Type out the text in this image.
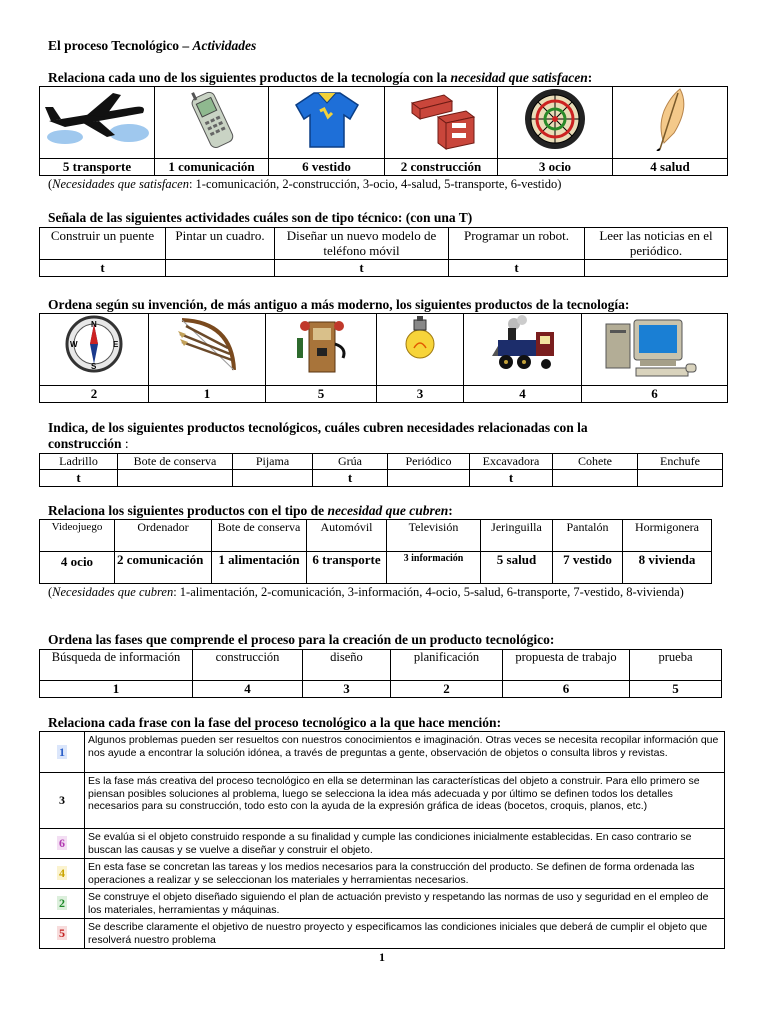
El proceso Tecnológico – Actividades
Relaciona cada uno de los siguientes productos de la tecnología con la necesidad que satisfacen:

5 transporte	1 comunicación	6 vestido	2 construcción	3 ocio	4 salud
(Necesidades que satisfacen: 1-comunicación, 2-construcción, 3-ocio, 4-salud, 5-transporte, 6-vestido)
Señala de las siguientes actividades cuáles son de tipo técnico: (con una T)
Construir un puente	Pintar un cuadro.	Diseñar un nuevo modelo de teléfono móvil	Programar un robot.	Leer las noticias en el periódico.
t		t	t	
Ordena según su invención, de más antiguo a más moderno, los siguientes productos de la tecnología:
N
S
W E

2	1	5	3	4	6
Indica, de los siguientes productos tecnológicos, cuáles cubren necesidades relacionadas con la
construcción :
Ladrillo	Bote de conserva	Pijama	Grúa	Periódico	Excavadora	Cohete	Enchufe
t			t		t		
Relaciona los siguientes productos con el tipo de necesidad que cubren:
Videojuego	Ordenador	Bote de conserva	Automóvil	Televisión	Jeringuilla	Pantalón	Hormigonera
4 ocio	2 comunicación	1 alimentación	6 transporte	3 información	5 salud	7 vestido	8 vivienda
(Necesidades que cubren: 1-alimentación, 2-comunicación, 3-información, 4-ocio, 5-salud, 6-transporte, 7-vestido, 8-vivienda)
Ordena las fases que comprende el proceso para la creación de un producto tecnológico:
Búsqueda de información	construcción	diseño	planificación	propuesta de trabajo	prueba
1	4	3	2	6	5
Relaciona cada frase con la fase del proceso tecnológico a la que hace mención:
1	Algunos problemas pueden ser resueltos con nuestros conocimientos e imaginación. Otras veces se necesita recopilar información que nos ayude a encontrar la solución idónea, a través de preguntas a gente, observación de objetos o consulta libros y revistas.
3	Es la fase más creativa del proceso tecnológico en ella se determinan las características del objeto a construir. Para ello primero se piensan posibles soluciones al problema, luego se selecciona la idea más adecuada y por último se definen todos los detalles necesarios para su construcción, todo esto con la ayuda de la expresión gráfica de ideas (bocetos, croquis, planos, etc.)
6	Se evalúa si el objeto construido responde a su finalidad y cumple las condiciones inicialmente establecidas. En caso contrario se buscan las causas y se vuelve a diseñar y construir el objeto.
4	En esta fase se concretan las tareas y los medios necesarios para la construcción del producto. Se definen de forma ordenada las operaciones a realizar y se seleccionan los materiales y herramientas necesarios.
2	Se construye el objeto diseñado siguiendo el plan de actuación previsto y respetando las normas de uso y seguridad en el empleo de los materiales, herramientas y máquinas.
5	Se describe claramente el objetivo de nuestro proyecto y especificamos las condiciones iniciales que deberá de cumplir el objeto que resolverá nuestro problema
1
